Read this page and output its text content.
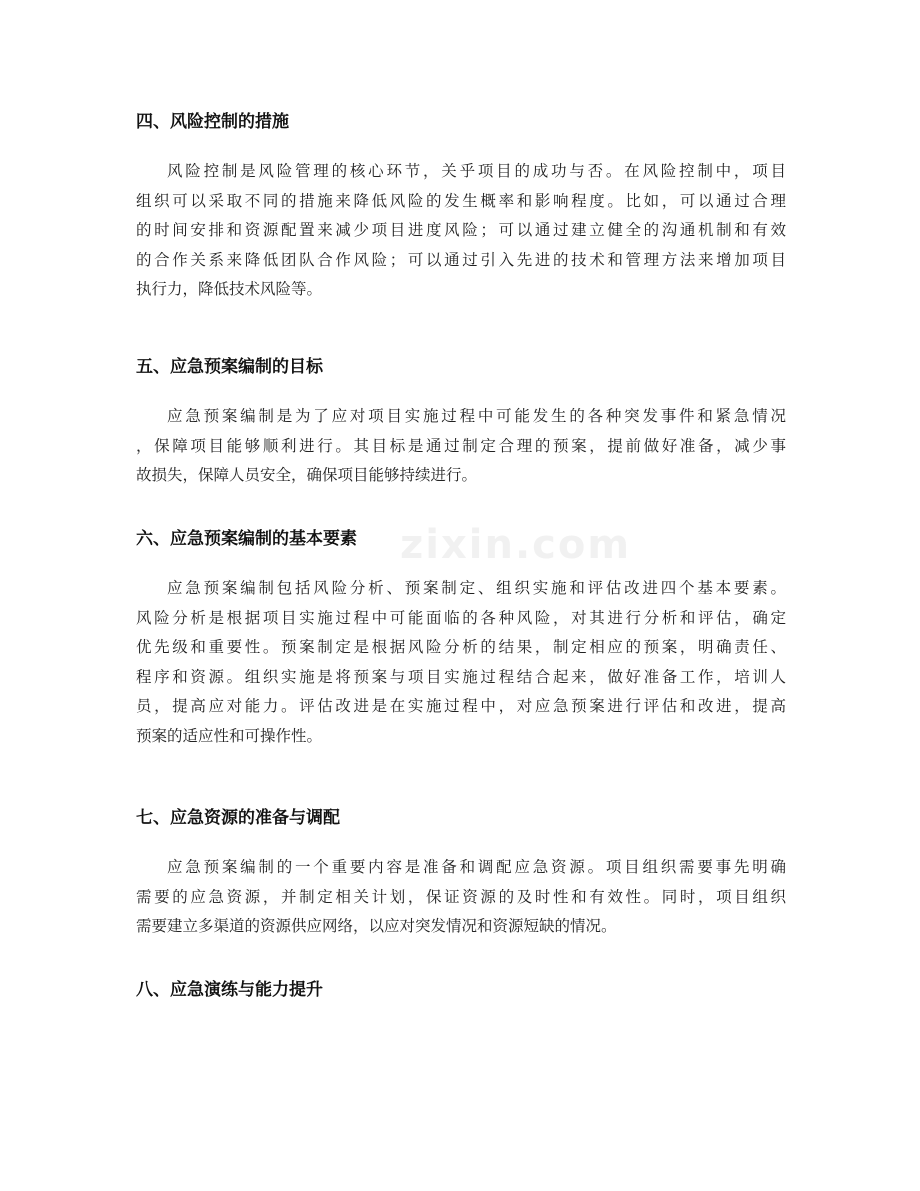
zixin.com
四、风险控制的措施
风险控制是风险管理的核心环节，关乎项目的成功与否。在风险控制中，项目
组织可以采取不同的措施来降低风险的发生概率和影响程度。比如，可以通过合理
的时间安排和资源配置来减少项目进度风险；可以通过建立健全的沟通机制和有效
的合作关系来降低团队合作风险；可以通过引入先进的技术和管理方法来增加项目
执行力，降低技术风险等。
五、应急预案编制的目标
应急预案编制是为了应对项目实施过程中可能发生的各种突发事件和紧急情况
，保障项目能够顺利进行。其目标是通过制定合理的预案，提前做好准备，减少事
故损失，保障人员安全，确保项目能够持续进行。
六、应急预案编制的基本要素
应急预案编制包括风险分析、预案制定、组织实施和评估改进四个基本要素。
风险分析是根据项目实施过程中可能面临的各种风险，对其进行分析和评估，确定
优先级和重要性。预案制定是根据风险分析的结果，制定相应的预案，明确责任、
程序和资源。组织实施是将预案与项目实施过程结合起来，做好准备工作，培训人
员，提高应对能力。评估改进是在实施过程中，对应急预案进行评估和改进，提高
预案的适应性和可操作性。
七、应急资源的准备与调配
应急预案编制的一个重要内容是准备和调配应急资源。项目组织需要事先明确
需要的应急资源，并制定相关计划，保证资源的及时性和有效性。同时，项目组织
需要建立多渠道的资源供应网络，以应对突发情况和资源短缺的情况。
八、应急演练与能力提升
